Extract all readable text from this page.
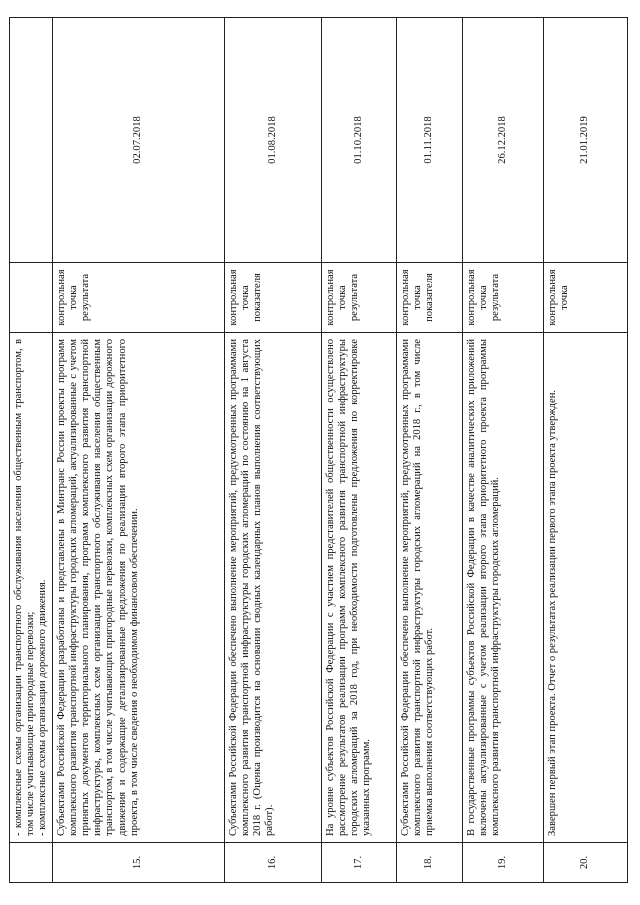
	- комплексные схемы организации транспортного обслуживания населения общественным транспортом, в том числе учитывающие пригородные перевозки; - комплексные схемы организации дорожного движения.		

15.	Субъектами Российской Федерации разработаны и представлены в Минтранс России проекты программ комплексного развития транспортной инфраструктуры городских агломераций, актуализированные с учетом принятых документов территориального планирования, программ комплексного развития транспортной инфраструктуры, комплексных схем организации транспортного обслуживания населения общественным транспортом, в том числе учитывающих пригородные перевозки, комплексных схем организации дорожного движения и содержащие детализированные предложения по реализации второго этапа приоритетного проекта, в том числе сведения о необходимом финансовом обеспечении.	контрольная точка результата	02.07.2018
16.	Субъектами Российской Федерации обеспечено выполнение мероприятий, предусмотренных программами комплексного развития транспортной инфраструктуры городских агломераций по состоянию на 1 августа 2018 г. (Оценка производится на основании сводных календарных планов выполнения соответствующих работ).	контрольная точка показателя	01.08.2018
17.	На уровне субъектов Российской Федерации с участием представителей общественности осуществлено рассмотрение результатов реализации программ комплексного развития транспортной инфраструктуры городских агломераций за 2018 год, при необходимости подготовлены предложения по корректировке указанных программ.	контрольная точка результата	01.10.2018
18.	Субъектами Российской Федерации обеспечено выполнение мероприятий, предусмотренных программами комплексного развития транспортной инфраструктуры городских агломераций на 2018 г., в том числе приемка выполнения соответствующих работ.	контрольная точка показателя	01.11.2018
19.	В государственные программы субъектов Российской Федерации в качестве аналитических приложений включены актуализированные с учетом реализации второго этапа приоритетного проекта программы комплексного развития транспортной инфраструктуры городских агломераций.	контрольная точка результата	26.12.2018
20.	Завершен первый этап проекта. Отчет о результатах реализации первого этапа проекта утвержден.	контрольная точка	21.01.2019
